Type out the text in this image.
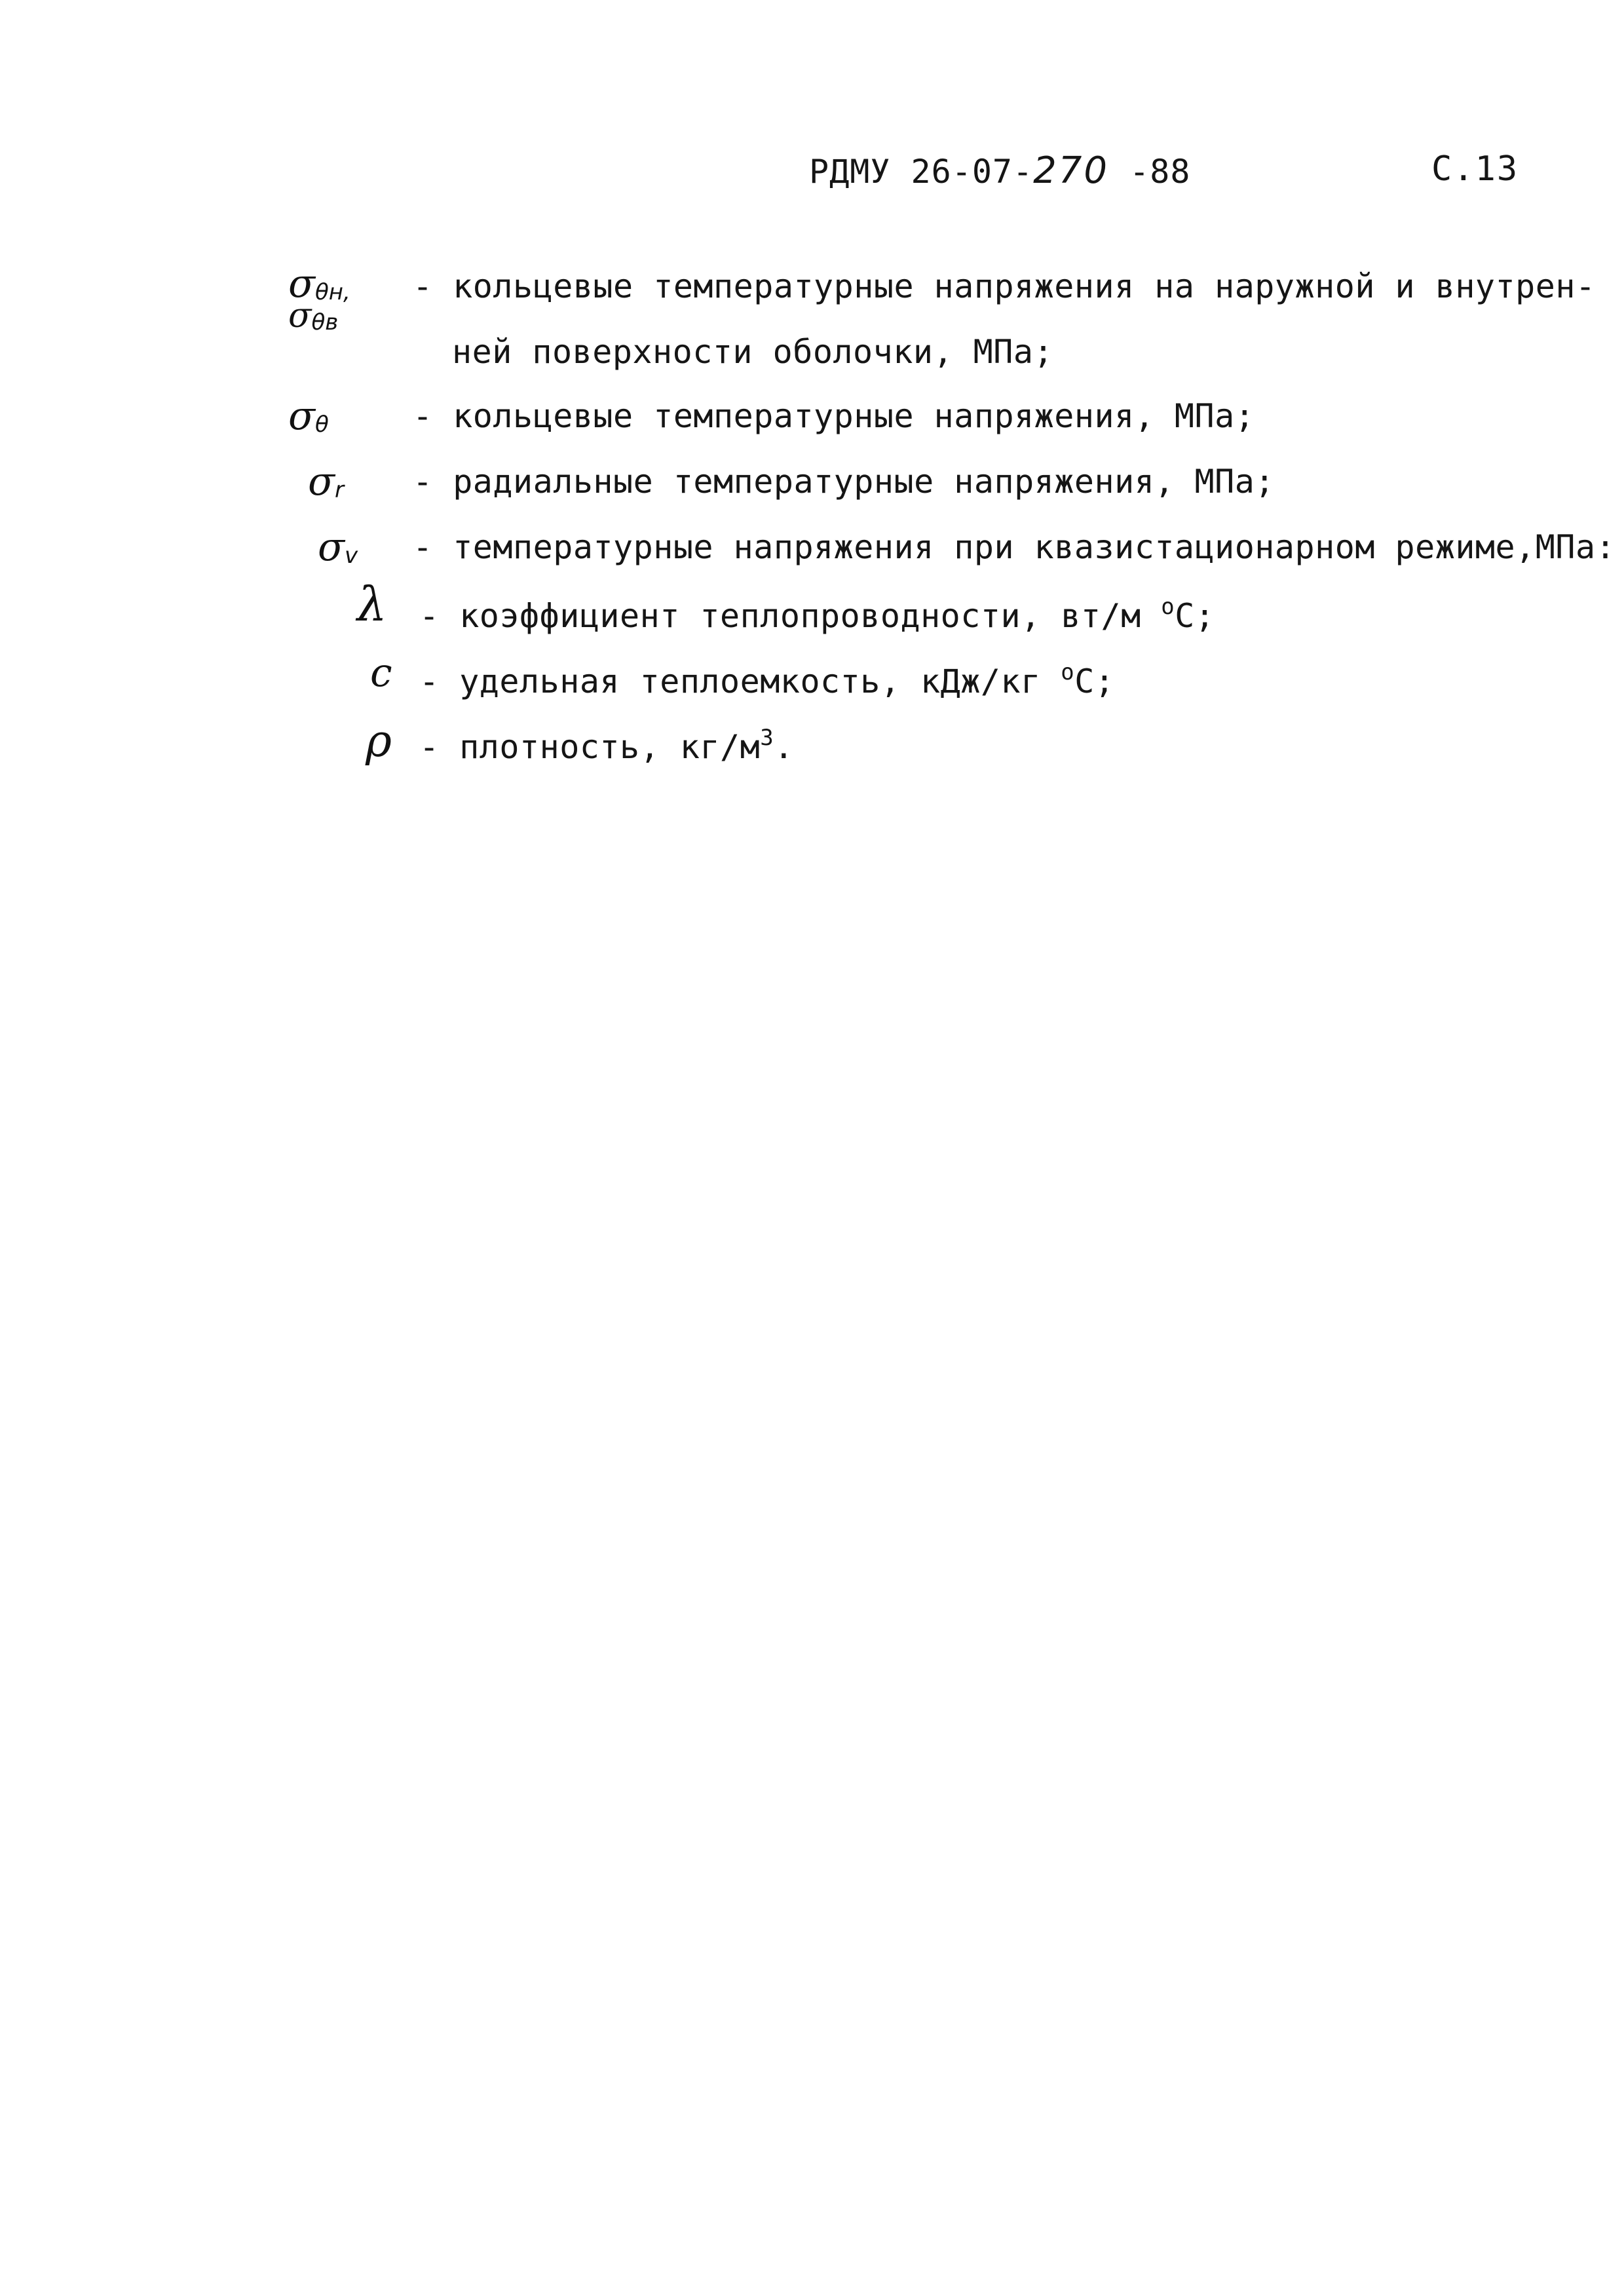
РДМУ 26-07-270 -88	С.13
$\sigma_{\theta н,}$
$\sigma_{\theta в}$
- кольцевые температурные напряжения на наружной и внутрен-
ней поверхности оболочки, МПа;
$\sigma_\theta$	- кольцевые температурные напряжения, МПа;
$\sigma_r$ - радиальные температурные напряжения, МПа;
$\sigma_v$ - температурные напряжения при квазистационарном режиме,МПа:
λ - коэффициент теплопроводности, вт/м $^о$С;
c - удельная теплоемкость, кДж/кг $^о$С;
ρ - плотность, $кг/м^3$.
